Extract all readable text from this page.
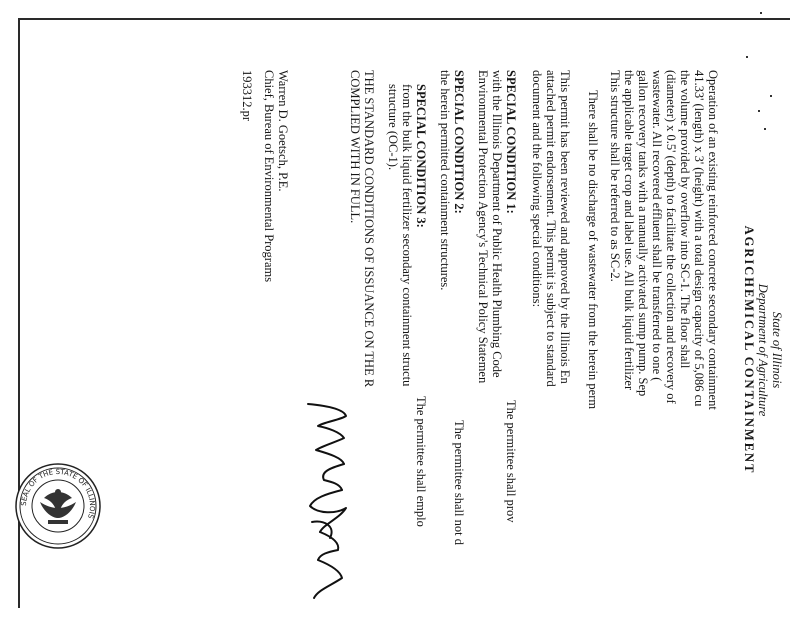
State of Illinois
Department of Agriculture
AGRICHEMICAL CONTAINMENT
Operation of an existing reinforced concrete secondary containment
41.33' (length) x 3' (height) with a total design capacity of 5,086 cu
the volume provided by overflow into SC-1. The floor shall
(diameter) x 0.5' (depth) to facilitate the collection and recovery of
wastewater. All recovered effluent shall be transferred to one (
gallon recovery tanks with a manually activated sump pump. Sep
the applicable target crop and label use. All bulk liquid fertilizer
This structure shall be referred to as SC-2.
There shall be no discharge of wastewater from the herein perm
This permit has been reviewed and approved by the Illinois En
attached permit endorsement. This permit is subject to standard
document and the following special conditions:
SPECIAL CONDITION 1:
The permittee shall prov
with the Illinois Department of Public Health Plumbing Code
Environmental Protection Agency's Technical Policy Statemen
SPECIAL CONDITION 2:
The permittee shall not d
the herein permitted containment structures.
SPECIAL CONDITION 3:
The permittee shall emplo
from the bulk liquid fertilizer secondary containment structu
structure (OC-1).
THE STANDARD CONDITIONS OF ISSUANCE ON THE R
COMPLIED WITH IN FULL.
Warren D. Goetsch, P.E.
Chief, Bureau of Environmental Programs
193312.pr
SEAL OF THE STATE OF ILLINOIS
